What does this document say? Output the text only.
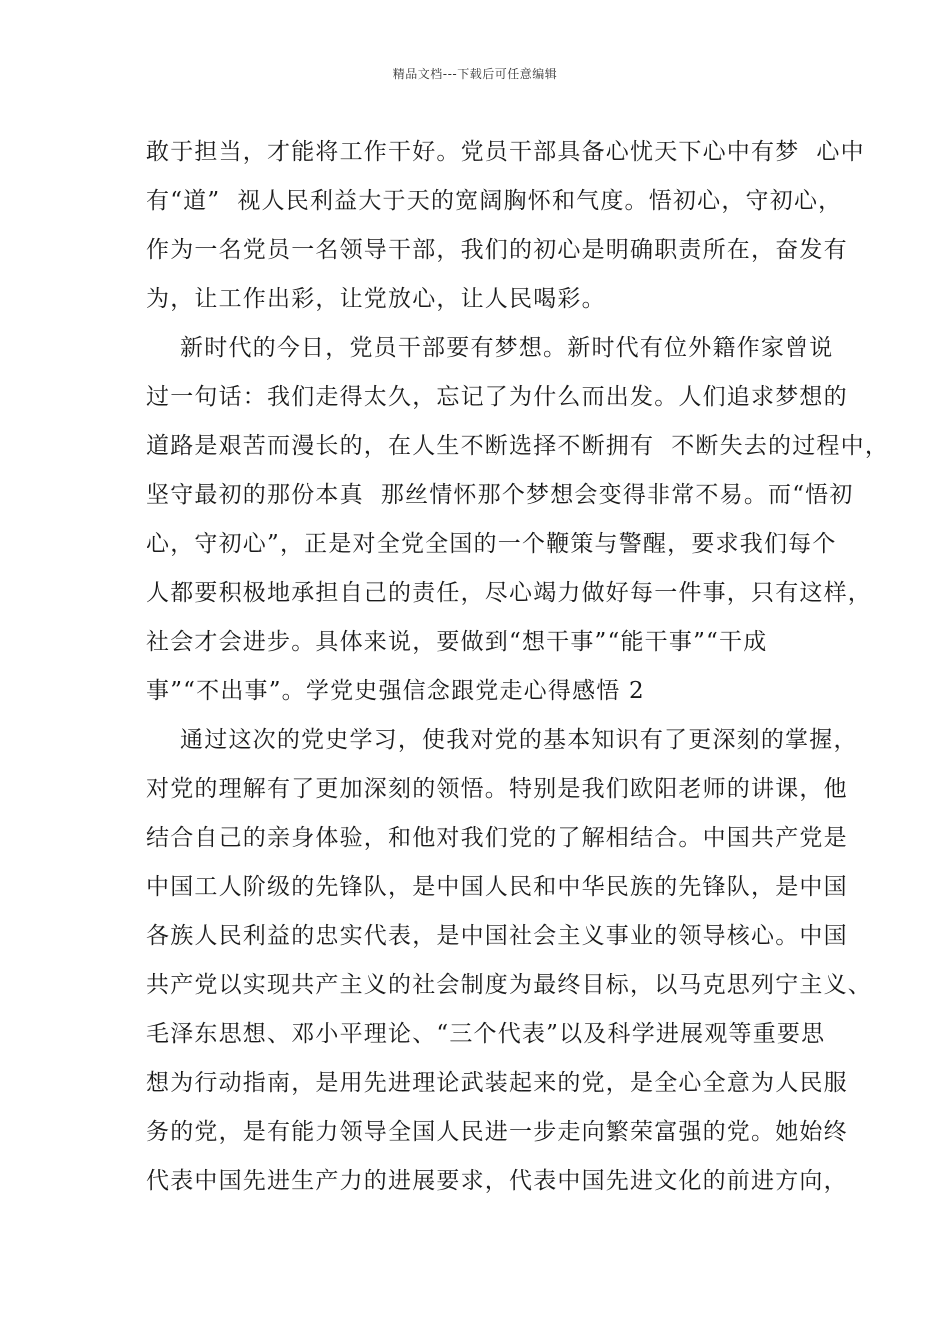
精品文档---下载后可任意编辑
敢于担当，才能将工作干好。党员干部具备心忧天下心中有梦  心中
有“道”  视人民利益大于天的宽阔胸怀和气度。悟初心，守初心，
作为一名党员一名领导干部，我们的初心是明确职责所在，奋发有
为，让工作出彩，让党放心，让人民喝彩。
新时代的今日，党员干部要有梦想。新时代有位外籍作家曾说
过一句话：我们走得太久，忘记了为什么而出发。人们追求梦想的
道路是艰苦而漫长的，在人生不断选择不断拥有  不断失去的过程中，
坚守最初的那份本真  那丝情怀那个梦想会变得非常不易。而“悟初
心，守初心”，正是对全党全国的一个鞭策与警醒，要求我们每个
人都要积极地承担自己的责任，尽心竭力做好每一件事，只有这样，
社会才会进步。具体来说，要做到“想干事”“能干事”“干成
事”“不出事”。学党史强信念跟党走心得感悟 2
通过这次的党史学习，使我对党的基本知识有了更深刻的掌握，
对党的理解有了更加深刻的领悟。特别是我们欧阳老师的讲课，他
结合自己的亲身体验，和他对我们党的了解相结合。中国共产党是
中国工人阶级的先锋队，是中国人民和中华民族的先锋队，是中国
各族人民利益的忠实代表，是中国社会主义事业的领导核心。中国
共产党以实现共产主义的社会制度为最终目标，以马克思列宁主义、
毛泽东思想、邓小平理论、“三个代表”以及科学进展观等重要思
想为行动指南，是用先进理论武装起来的党，是全心全意为人民服
务的党，是有能力领导全国人民进一步走向繁荣富强的党。她始终
代表中国先进生产力的进展要求，代表中国先进文化的前进方向，
